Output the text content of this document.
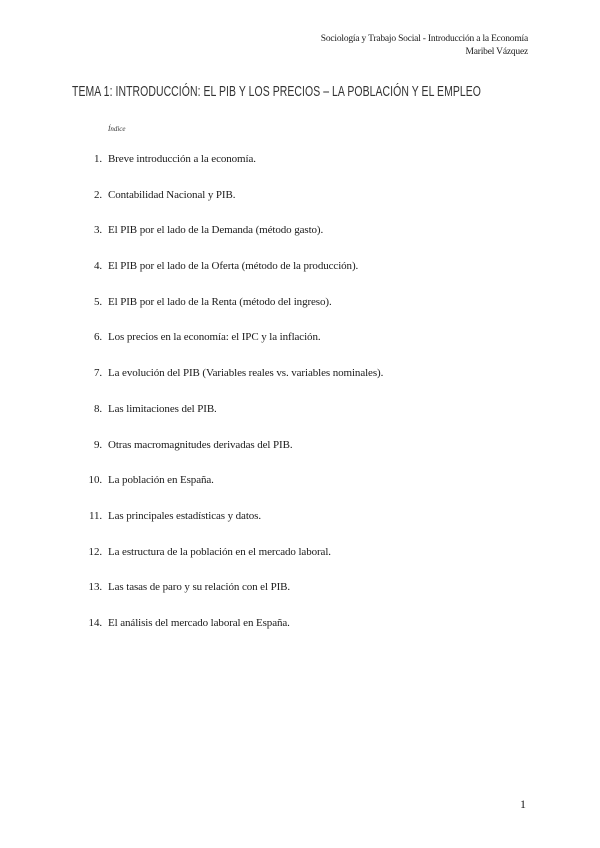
Sociología y Trabajo Social - Introducción a la Economía
Maribel Vázquez
TEMA 1: INTRODUCCIÓN: EL PIB Y LOS PRECIOS – LA POBLACIÓN Y EL EMPLEO
Índice
1. Breve introducción a la economía.
2. Contabilidad Nacional y PIB.
3. El PIB por el lado de la Demanda (método gasto).
4. El PIB por el lado de la Oferta (método de la producción).
5. El PIB por el lado de la Renta (método del ingreso).
6. Los precios en la economía: el IPC y la inflación.
7. La evolución del PIB (Variables reales vs. variables nominales).
8. Las limitaciones del PIB.
9. Otras macromagnitudes derivadas del PIB.
10. La población en España.
11. Las principales estadísticas y datos.
12. La estructura de la población en el mercado laboral.
13. Las tasas de paro y su relación con el PIB.
14. El análisis del mercado laboral en España.
1
